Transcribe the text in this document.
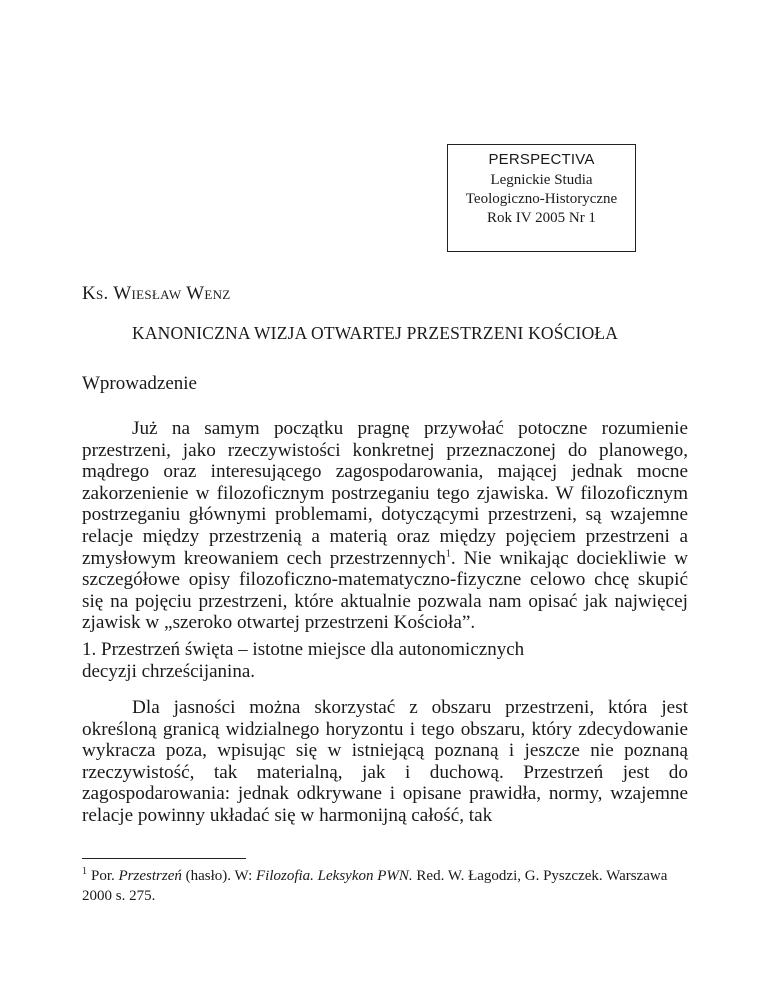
PERSPECTIVA
Legnickie Studia
Teologiczno-Historyczne
Rok IV 2005 Nr 1
Ks. Wiesław Wenz
KANONICZNA WIZJA OTWARTEJ PRZESTRZENI KOŚCIOŁA
Wprowadzenie

Już na samym początku pragnę przywołać potoczne rozumienie przestrzeni, jako rzeczywistości konkretnej przeznaczonej do planowego, mądrego oraz interesującego zagospodarowania, mającej jednak mocne zakorzenienie w filozoficznym postrzeganiu tego zjawiska. W filozoficznym postrzeganiu głównymi problemami, dotyczącymi przestrzeni, są wzajemne relacje między przestrzenią a materią oraz między pojęciem przestrzeni a zmysłowym kreowaniem cech przestrzennych$^1$. Nie wnikając dociekliwie w szczegółowe opisy filozoficzno-matematyczno-fizyczne celowo chcę skupić się na pojęciu przestrzeni, które aktualnie pozwala nam opisać jak najwięcej zjawisk w „szeroko otwartej przestrzeni Kościoła”.

1. Przestrzeń święta – istotne miejsce dla autonomicznych
decyzji chrześcijanina.

Dla jasności można skorzystać z obszaru przestrzeni, która jest określoną granicą widzialnego horyzontu i tego obszaru, który zdecydowanie wykracza poza, wpisując się w istniejącą poznaną i jeszcze nie poznaną rzeczywistość, tak materialną, jak i duchową. Przestrzeń jest do zagospodarowania: jednak odkrywane i opisane prawidła, normy, wzajemne relacje powinny układać się w harmonijną całość, tak

$^1$ Por. Przestrzeń (hasło). W: Filozofia. Leksykon PWN. Red. W. Łagodzi, G. Pyszczek. Warszawa 2000 s. 275.
